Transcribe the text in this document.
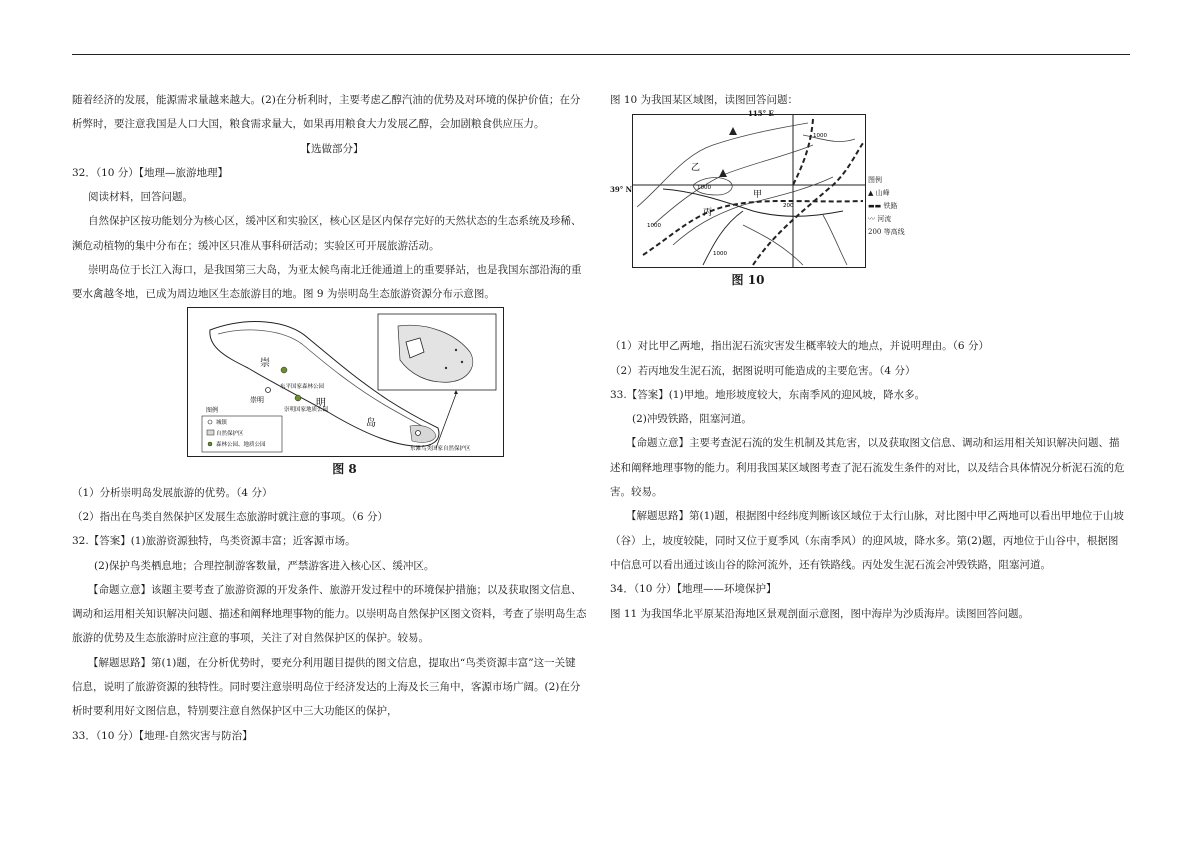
随着经济的发展，能源需求量越来越大。(2)在分析利时，主要考虑乙醇汽油的优势及对环境的保护价值；在分

析弊时，要注意我国是人口大国，粮食需求量大，如果再用粮食大力发展乙醇，会加剧粮食供应压力。

【选做部分】

32．（10 分）【地理—旅游地理】

阅读材料，回答问题。

自然保护区按功能划分为核心区，缓冲区和实验区，核心区是区内保存完好的天然状态的生态系统及珍稀、

濒危动植物的集中分布在；缓冲区只准从事科研活动；实验区可开展旅游活动。

崇明岛位于长江入海口，是我国第三大岛，为亚太候鸟南北迁徙通道上的重要驿站，也是我国东部沿海的重

要水禽越冬地，已成为周边地区生态旅游目的地。图 9 为崇明岛生态旅游资源分布示意图。

崇
明
岛
崇明
东平国家森林公园
崇明国家地质公园
东滩鸟类国家自然保护区
图例
城镇
自然保护区
森林公园、地质公园
图 8

（1）分析崇明岛发展旅游的优势。（4 分）

（2）指出在鸟类自然保护区发展生态旅游时就注意的事项。（6 分）

32.【答案】(1)旅游资源独特，鸟类资源丰富；近客源市场。

(2)保护鸟类栖息地；合理控制游客数量，严禁游客进入核心区、缓冲区。

【命题立意】该题主要考查了旅游资源的开发条件、旅游开发过程中的环境保护措施；以及获取图文信息、

调动和运用相关知识解决问题、描述和阐释地理事物的能力。以崇明岛自然保护区图文资料，考查了崇明岛生态

旅游的优势及生态旅游时应注意的事项，关注了对自然保护区的保护。较易。

【解题思路】第(1)题，在分析优势时，要充分利用题目提供的图文信息，提取出“鸟类资源丰富”这一关键

信息，说明了旅游资源的独特性。同时要注意崇明岛位于经济发达的上海及长三角中，客源市场广阔。(2)在分

析时要利用好文图信息，特别要注意自然保护区中三大功能区的保护，

33．（10 分）【地理-自然灾害与防治】

图 10 为我国某区域图，读图回答问题：

乙
甲
丙
1000
1000
200
1000
1000
115° E
39° N
图例
▲ 山峰
▬▬ 铁路
〰 河流
200 等高线
图 10

（1）对比甲乙两地，指出泥石流灾害发生概率较大的地点，并说明理由。（6 分）

（2）若丙地发生泥石流，据图说明可能造成的主要危害。（4 分）

33.【答案】(1)甲地。地形坡度较大，东南季风的迎风坡，降水多。

(2)冲毁铁路，阻塞河道。

【命题立意】主要考查泥石流的发生机制及其危害，以及获取图文信息、调动和运用相关知识解决问题、描

述和阐释地理事物的能力。利用我国某区域图考查了泥石流发生条件的对比，以及结合具体情况分析泥石流的危

害。较易。

【解题思路】第(1)题，根据图中经纬度判断该区域位于太行山脉，对比图中甲乙两地可以看出甲地位于山坡

（谷）上，坡度较陡，同时又位于夏季风（东南季风）的迎风坡，降水多。第(2)题，丙地位于山谷中，根据图

中信息可以看出通过该山谷的除河流外，还有铁路线。丙处发生泥石流会冲毁铁路，阻塞河道。

34．（10 分）【地理——环境保护】

图 11 为我国华北平原某沿海地区景观剖面示意图，图中海岸为沙质海岸。读图回答问题。
